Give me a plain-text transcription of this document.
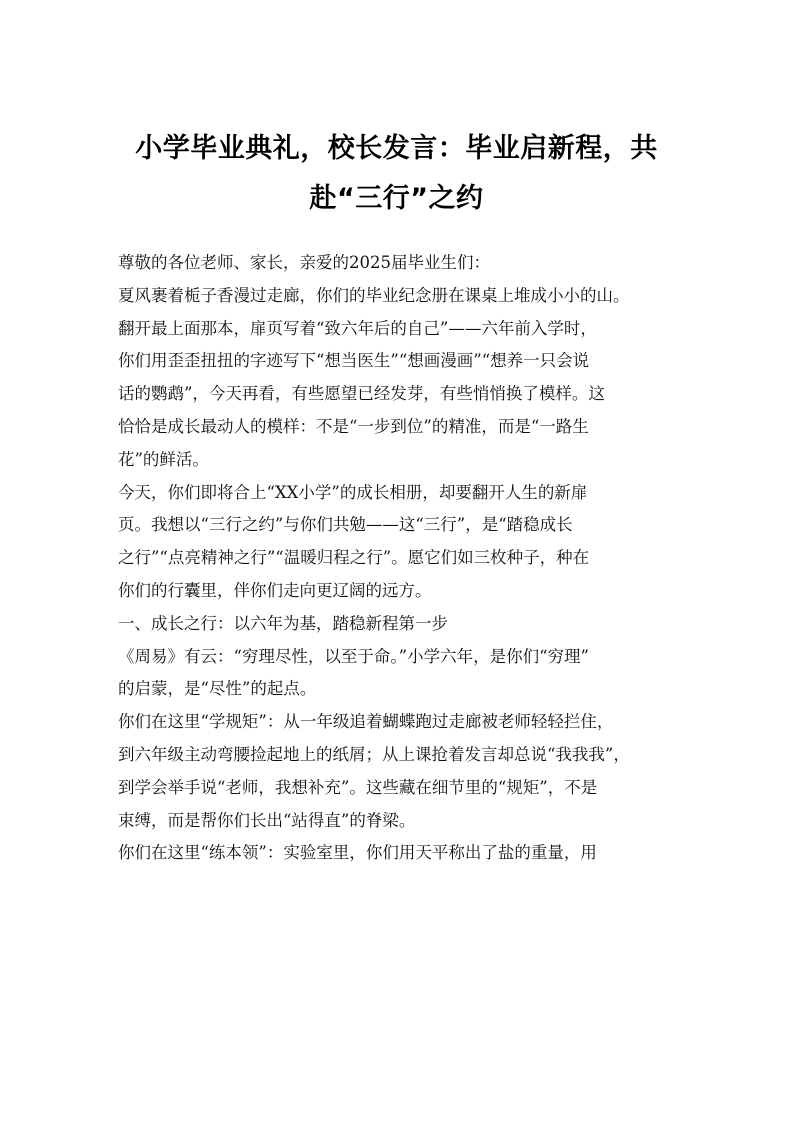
小学毕业典礼，校长发言：毕业启新程，共
赴“三行”之约

尊敬的各位老师、家长，亲爱的2025届毕业生们：

夏风裹着栀子香漫过走廊，你们的毕业纪念册在课桌上堆成小小的山。

翻开最上面那本，扉页写着“致六年后的自己”——六年前入学时，

你们用歪歪扭扭的字迹写下“想当医生”“想画漫画”“想养一只会说

话的鹦鹉”，今天再看，有些愿望已经发芽，有些悄悄换了模样。这

恰恰是成长最动人的模样：不是“一步到位”的精准，而是“一路生

花”的鲜活。

今天，你们即将合上“XX小学”的成长相册，却要翻开人生的新扉

页。我想以“三行之约”与你们共勉——这“三行”，是“踏稳成长

之行”“点亮精神之行”“温暖归程之行”。愿它们如三枚种子，种在

你们的行囊里，伴你们走向更辽阔的远方。

一、成长之行：以六年为基，踏稳新程第一步

《周易》有云：“穷理尽性，以至于命。”小学六年，是你们“穷理”

的启蒙，是“尽性”的起点。

你们在这里“学规矩”：从一年级追着蝴蝶跑过走廊被老师轻轻拦住，

到六年级主动弯腰捡起地上的纸屑；从上课抢着发言却总说“我我我”，

到学会举手说“老师，我想补充”。这些藏在细节里的“规矩”，不是

束缚，而是帮你们长出“站得直”的脊梁。

你们在这里“练本领”：实验室里，你们用天平称出了盐的重量，用
